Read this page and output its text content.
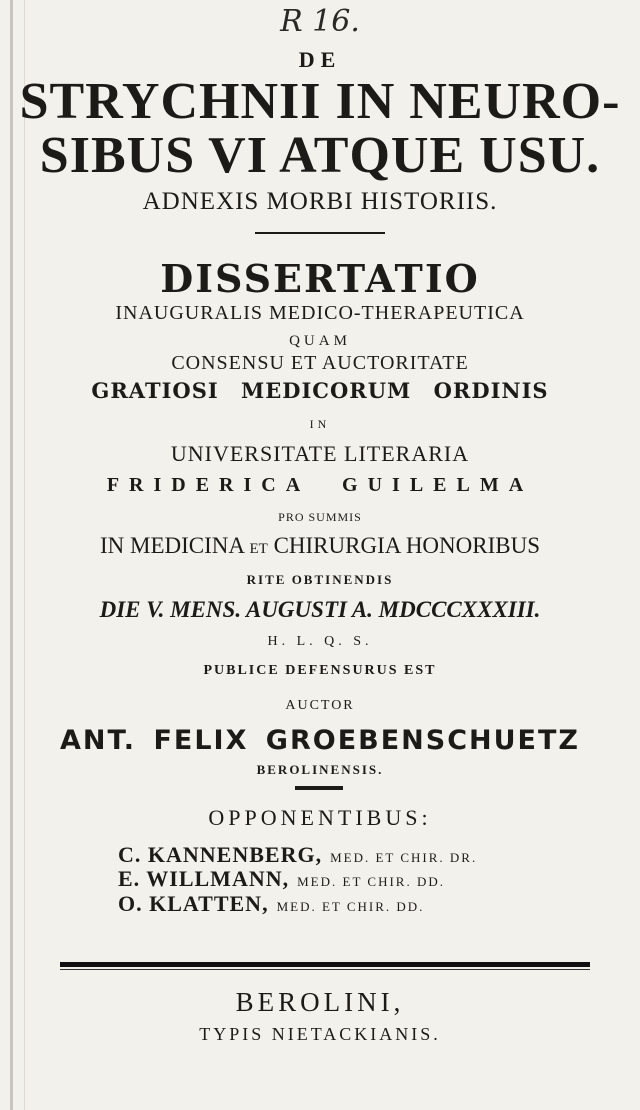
R 16.
DE
STRYCHNII IN NEURO-
SIBUS VI ATQUE USU.
ADNEXIS MORBI HISTORIIS.
DISSERTATIO
INAUGURALIS MEDICO-THERAPEUTICA
QUAM
CONSENSU ET AUCTORITATE
GRATIOSI MEDICORUM ORDINIS
IN
UNIVERSITATE LITERARIA
FRIDERICA GUILELMA
PRO SUMMIS
IN MEDICINA ET CHIRURGIA HONORIBUS
RITE OBTINENDIS
DIE V. MENS. AUGUSTI A. MDCCCXXXIII.
H. L. Q. S.
PUBLICE DEFENSURUS EST
AUCTOR
ANT. FELIX GROEBENSCHUETZ
BEROLINENSIS.
OPPONENTIBUS:
C. KANNENBERG, MED. ET CHIR. DR.
E. WILLMANN, MED. ET CHIR. DD.
O. KLATTEN, MED. ET CHIR. DD.
BEROLINI,
TYPIS NIETACKIANIS.
